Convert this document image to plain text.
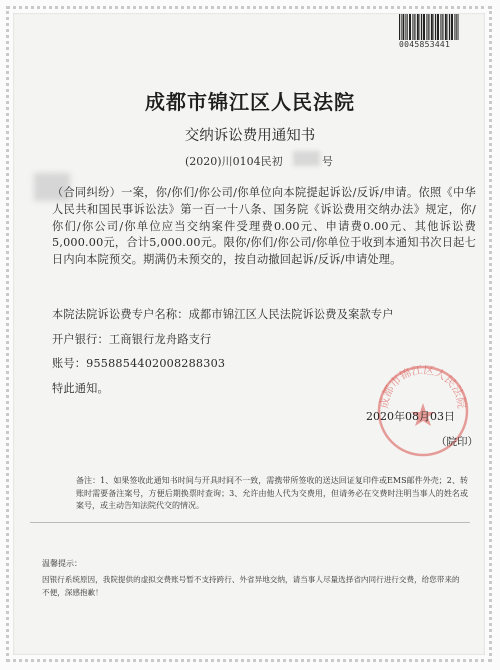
0045853441
成都市锦江区人民法院
交纳诉讼费用通知书
(2020)川0104民初	号
（合同纠纷）一案，你/你们/你公司/你单位向本院提起诉讼/反诉/申请。依照《中华人民共和国民事诉讼法》第一百一十八条、国务院《诉讼费用交纳办法》规定，你/你们/你公司/你单位应当交纳案件受理费0.00元、申请费0.00元、其他诉讼费5,000.00元，合计5,000.00元。限你/你们/你公司/你单位于收到本通知书次日起七日内向本院预交。期满仍未预交的，按自动撤回起诉/反诉/申请处理。
本院法院诉讼费专户名称：成都市锦江区人民法院诉讼费及案款专户
开户银行：工商银行龙舟路支行
账号：9558854402008288303
特此通知。
成都市锦江区人民法院
2020年08月03日
（院印）
备注：1、如果签收此通知书时间与开具时间不一致，需携带所签收的送达回证复印件或EMS邮件外壳；2、转账时需要备注案号，方便后期换票时查询；3、允许由他人代为交费用，但请务必在交费时注明当事人的姓名或案号，或主动告知法院代交的情况。
温馨提示：
因银行系统原因，我院提供的虚拟交费账号暂不支持跨行、外省异地交纳，请当事人尽量选择省内同行进行交费，给您带来的不便，深感抱歉！
